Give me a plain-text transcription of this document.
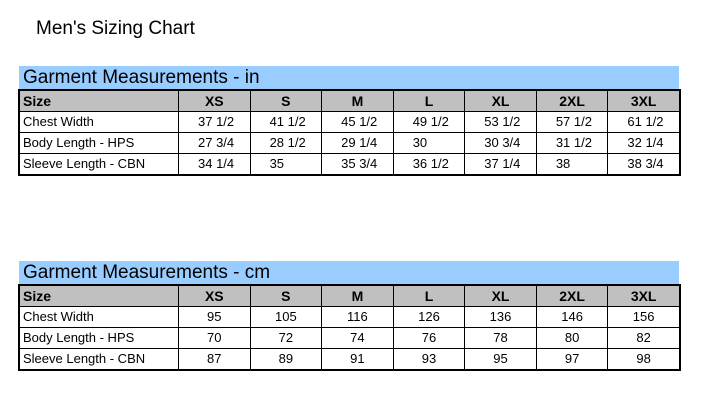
Men's Sizing Chart
Garment Measurements - in
Size	XS	S	M	L	XL	2XL	3XL
Chest Width	37 1/2	41 1/2	45 1/2	49 1/2	53 1/2	57 1/2	61 1/2
Body Length - HPS	27 3/4	28 1/2	29 1/4	30	30 3/4	31 1/2	32 1/4
Sleeve Length - CBN	34 1/4	35	35 3/4	36 1/2	37 1/4	38	38 3/4
Garment Measurements - cm
Size	XS	S	M	L	XL	2XL	3XL
Chest Width	95	105	116	126	136	146	156
Body Length - HPS	70	72	74	76	78	80	82
Sleeve Length - CBN	87	89	91	93	95	97	98
